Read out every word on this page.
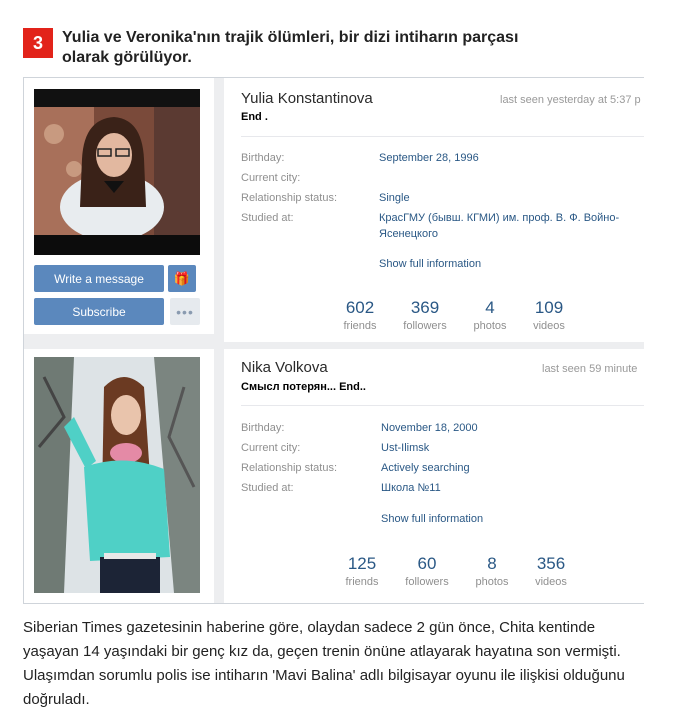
3	Yulia ve Veronika'nın trajik ölümleri, bir dizi intiharın parçası olarak görülüyor.
Write a message	🎁
Subscribe	•••
Yulia Konstantinova
End .
last seen yesterday at 5:37 p
Birthday:	September 28, 1996
Current city:
Relationship status:	Single
Studied at:	КрасГМУ (бывш. КГМИ) им. проф. В. Ф. Войно-Ясенецкого
Show full information
602
friends
369
followers
4
photos
109
videos
Nika Volkova
Смысл потерян... End..
last seen 59 minute
Birthday:	November 18, 2000
Current city:	Ust-Ilimsk
Relationship status:	Actively searching
Studied at:	Школа №11
Show full information
125
friends
60
followers
8
photos
356
videos
Siberian Times gazetesinin haberine göre, olaydan sadece 2 gün önce, Chita kentinde yaşayan 14 yaşındaki bir genç kız da, geçen trenin önüne atlayarak hayatına son vermişti. Ulaşımdan sorumlu polis ise intiharın 'Mavi Balina' adlı bilgisayar oyunu ile ilişkisi olduğunu doğruladı.
